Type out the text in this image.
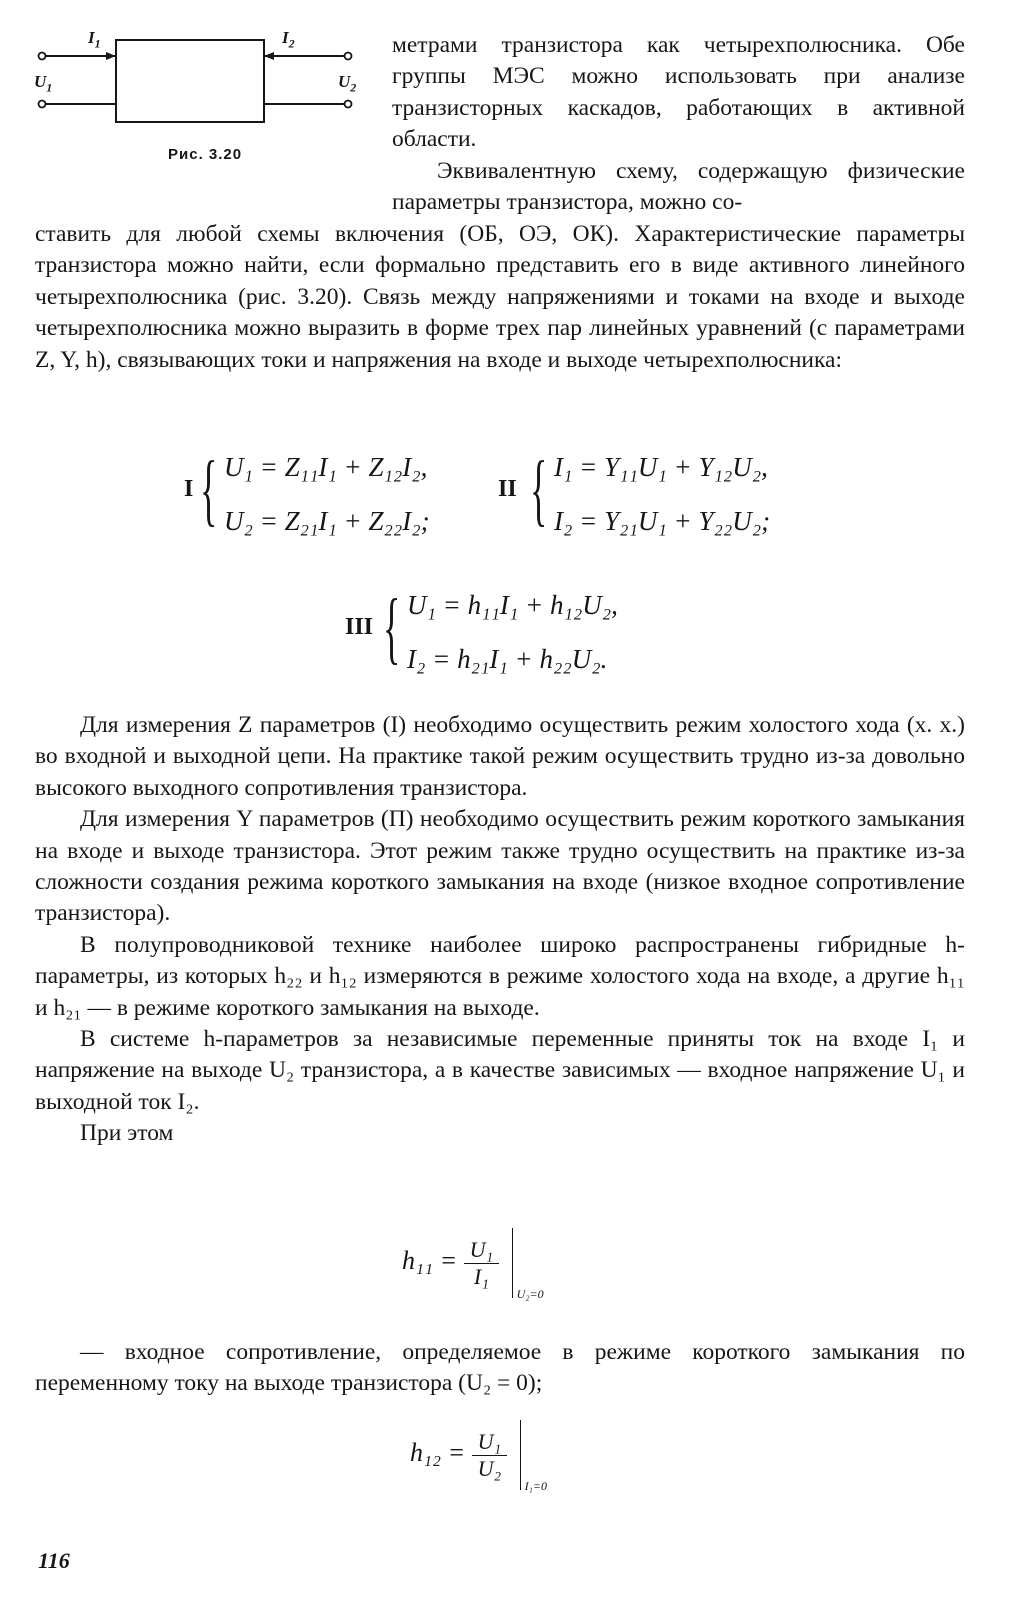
$I_1$	$I_2$
$U_1$	$U_2$
Рис. 3.20

метрами транзистора как четырехполюсника. Обе группы МЭС можно использовать при анализе транзисторных каскадов, работающих в активной области.

Эквивалентную схему, содержащую физические параметры транзистора, можно со-

ставить для любой схемы включения (ОБ, ОЭ, ОК). Характеристические параметры транзистора можно найти, если формально представить его в виде активного линейного четырехполюсника (рис. 3.20). Связь между напряжениями и токами на входе и выходе четырехполюсника можно выразить в форме трех пар линейных уравнений (с параметрами Z, Y, h), связывающих токи и напряжения на входе и выходе четырехполюсника:

I { U₁ = Z₁₁I₁ + Z₁₂I₂,
U₂ = Z₂₁I₁ + Z₂₂I₂;
II { I₁ = Y₁₁U₁ + Y₁₂U₂,
I₂ = Y₂₁U₁ + Y₂₂U₂;
III { U₁ = h₁₁I₁ + h₁₂U₂,
I₂ = h₂₁I₁ + h₂₂U₂.

Для измерения Z параметров (I) необходимо осуществить режим холостого хода (х. х.) во входной и выходной цепи. На практике такой режим осуществить трудно из-за довольно высокого выходного сопротивления транзистора.

Для измерения Y параметров (П) необходимо осуществить режим короткого замыкания на входе и выходе транзистора. Этот режим также трудно осуществить на практике из-за сложности создания режима короткого замыкания на входе (низкое входное сопротивление транзистора).

В полупроводниковой технике наиболее широко распространены гибридные h-параметры, из которых h₂₂ и h₁₂ измеряются в режиме холостого хода на входе, а другие h₁₁ и h₂₁ — в режиме короткого замыкания на выходе.

В системе h-параметров за независимые переменные приняты ток на входе I₁ и напряжение на выходе U₂ транзистора, а в качестве зависимых — входное напряжение U₁ и выходной ток I₂.

При этом

$h_{11} = \frac{\text{U₁}}{\text{I₁}}$

U₂=0

— входное сопротивление, определяемое в режиме короткого замыкания по переменному току на выходе транзистора (U₂ = 0);

$h_{12} = \frac{\text{U₁}}{\text{U₂}}$

I₁=0
116
